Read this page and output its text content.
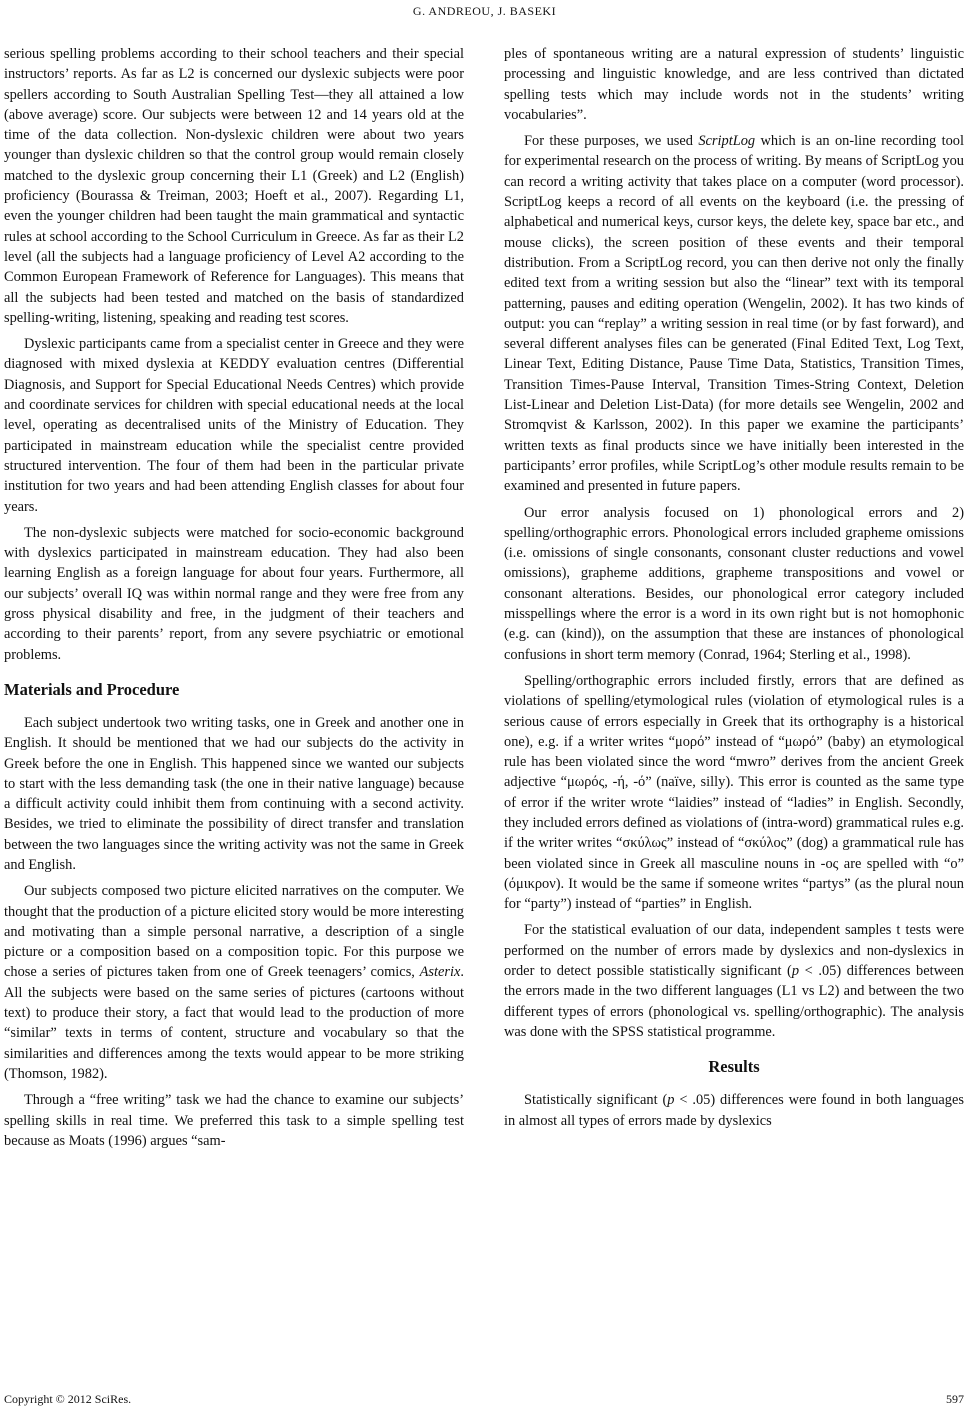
G. ANDREOU, J. BASEKI

serious spelling problems according to their school teachers and their special instructors’ reports. As far as L2 is concerned our dyslexic subjects were poor spellers according to South Australian Spelling Test—they all attained a low (above average) score. Our subjects were between 12 and 14 years old at the time of the data collection. Non-dyslexic children were about two years younger than dyslexic children so that the control group would remain closely matched to the dyslexic group concerning their L1 (Greek) and L2 (English) proficiency (Bourassa & Treiman, 2003; Hoeft et al., 2007). Regarding L1, even the younger children had been taught the main grammatical and syntactic rules at school according to the School Curriculum in Greece. As far as their L2 level (all the subjects had a language proficiency of Level A2 according to the Common European Framework of Reference for Languages). This means that all the subjects had been tested and matched on the basis of standardized spelling-writing, listening, speaking and reading test scores.

Dyslexic participants came from a specialist center in Greece and they were diagnosed with mixed dyslexia at KEDDY evaluation centres (Differential Diagnosis, and Support for Special Educational Needs Centres) which provide and coordinate services for children with special educational needs at the local level, operating as decentralised units of the Ministry of Education. They participated in mainstream education while the specialist centre provided structured intervention. The four of them had been in the particular private institution for two years and had been attending English classes for about four years.

The non-dyslexic subjects were matched for socio-economic background with dyslexics participated in mainstream education. They had also been learning English as a foreign language for about four years. Furthermore, all our subjects’ overall IQ was within normal range and they were free from any gross physical disability and free, in the judgment of their teachers and according to their parents’ report, from any severe psychiatric or emotional problems.

Materials and Procedure

Each subject undertook two writing tasks, one in Greek and another one in English. It should be mentioned that we had our subjects do the activity in Greek before the one in English. This happened since we wanted our subjects to start with the less demanding task (the one in their native language) because a difficult activity could inhibit them from continuing with a second activity. Besides, we tried to eliminate the possibility of direct transfer and translation between the two languages since the writing activity was not the same in Greek and English.

Our subjects composed two picture elicited narratives on the computer. We thought that the production of a picture elicited story would be more interesting and motivating than a simple personal narrative, a description of a single picture or a composition based on a composition topic. For this purpose we chose a series of pictures taken from one of Greek teenagers’ comics, Asterix. All the subjects were based on the same series of pictures (cartoons without text) to produce their story, a fact that would lead to the production of more “similar” texts in terms of content, structure and vocabulary so that the similarities and differences among the texts would appear to be more striking (Thomson, 1982).

Through a “free writing” task we had the chance to examine our subjects’ spelling skills in real time. We preferred this task to a simple spelling test because as Moats (1996) argues “sam-

ples of spontaneous writing are a natural expression of students’ linguistic processing and linguistic knowledge, and are less contrived than dictated spelling tests which may include words not in the students’ writing vocabularies”.

For these purposes, we used ScriptLog which is an on-line recording tool for experimental research on the process of writing. By means of ScriptLog you can record a writing activity that takes place on a computer (word processor). ScriptLog keeps a record of all events on the keyboard (i.e. the pressing of alphabetical and numerical keys, cursor keys, the delete key, space bar etc., and mouse clicks), the screen position of these events and their temporal distribution. From a ScriptLog record, you can then derive not only the finally edited text from a writing session but also the “linear” text with its temporal patterning, pauses and editing operation (Wengelin, 2002). It has two kinds of output: you can “replay” a writing session in real time (or by fast forward), and several different analyses files can be generated (Final Edited Text, Log Text, Linear Text, Editing Distance, Pause Time Data, Statistics, Transition Times, Transition Times-Pause Interval, Transition Times-String Context, Deletion List-Linear and Deletion List-Data) (for more details see Wengelin, 2002 and Stromqvist & Karlsson, 2002). In this paper we examine the participants’ written texts as final products since we have initially been interested in the participants’ error profiles, while ScriptLog’s other module results remain to be examined and presented in future papers.

Our error analysis focused on 1) phonological errors and 2) spelling/orthographic errors. Phonological errors included grapheme omissions (i.e. omissions of single consonants, consonant cluster reductions and vowel omissions), grapheme additions, grapheme transpositions and vowel or consonant alterations. Besides, our phonological error category included misspellings where the error is a word in its own right but is not homophonic (e.g. can (kind)), on the assumption that these are instances of phonological confusions in short term memory (Conrad, 1964; Sterling et al., 1998).

Spelling/orthographic errors included firstly, errors that are defined as violations of spelling/etymological rules (violation of etymological rules is a serious cause of errors especially in Greek that its orthography is a historical one), e.g. if a writer writes “μορό” instead of “μωρό” (baby) an etymological rule has been violated since the word “mwro” derives from the ancient Greek adjective “μωρός, -ή, -ό” (naïve, silly). This error is counted as the same type of error if the writer wrote “laidies” instead of “ladies” in English. Secondly, they included errors defined as violations of (intra-word) grammatical rules e.g. if the writer writes “σκύλως” instead of “σκύλος” (dog) a grammatical rule has been violated since in Greek all masculine nouns in -ος are spelled with “ο” (όμικρον). It would be the same if someone writes “partys” (as the plural noun for “party”) instead of “parties” in English.

For the statistical evaluation of our data, independent samples t tests were performed on the number of errors made by dyslexics and non-dyslexics in order to detect possible statistically significant (p < .05) differences between the errors made in the two different languages (L1 vs L2) and between the two different types of errors (phonological vs. spelling/orthographic). The analysis was done with the SPSS statistical programme.

Results

Statistically significant (p < .05) differences were found in both languages in almost all types of errors made by dyslexics

Copyright © 2012 SciRes.	597
